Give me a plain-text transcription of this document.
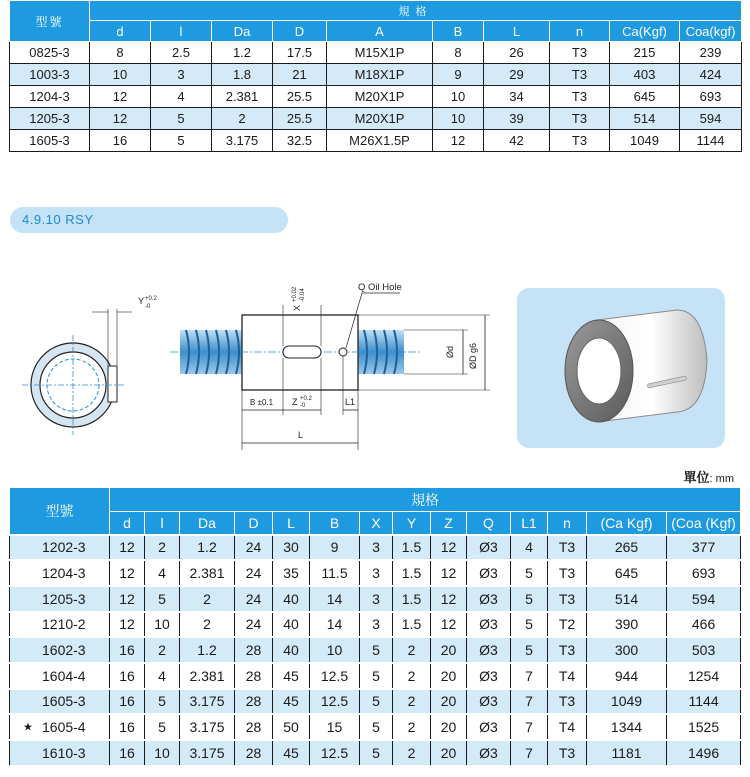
型號	規格									
	d	l	Da	D	A	B	L	n	Ca(Kgf)	Coa(kgf)
0825-3	8	2.5	1.2	17.5	M15X1P	8	26	T3	215	239
1003-3	10	3	1.8	21	M18X1P	9	29	T3	403	424
1204-3	12	4	2.381	25.5	M20X1P	10	34	T3	645	693
1205-3	12	5	2	25.5	M20X1P	10	39	T3	514	594
1605-3	16	5	3.175	32.5	M26X1.5P	12	42	T3	1049	1144
4.9.10 RSY
Y +0.2
-0
Q Oil Hole
X
+0.02 -0.04
Ød ØD g6
B ±0.1 Z +0.2
-0	L1
L
單位: mm
型號	規格													
	d	l	Da	D	L	B	X	Y	Z	Q	L1	n	(Ca Kgf)	(Coa (Kgf)
1202-3	12	2	1.2	24	30	9	3	1.5	12	Ø3	4	T3	265	377
1204-3	12	4	2.381	24	35	11.5	3	1.5	12	Ø3	5	T3	645	693
1205-3	12	5	2	24	40	14	3	1.5	12	Ø3	5	T3	514	594
1210-2	12	10	2	24	40	14	3	1.5	12	Ø3	5	T2	390	466
1602-3	16	2	1.2	28	40	10	5	2	20	Ø3	5	T3	300	503
1604-4	16	4	2.381	28	45	12.5	5	2	20	Ø3	7	T4	944	1254
1605-3	16	5	3.175	28	45	12.5	5	2	20	Ø3	7	T3	1049	1144

★ 1605-4	16	5	3.175	28	50	15	5	2	20	Ø3	7	T4	1344	1525
1610-3	16	10	3.175	28	45	12.5	5	2	20	Ø3	7	T3	1181	1496
